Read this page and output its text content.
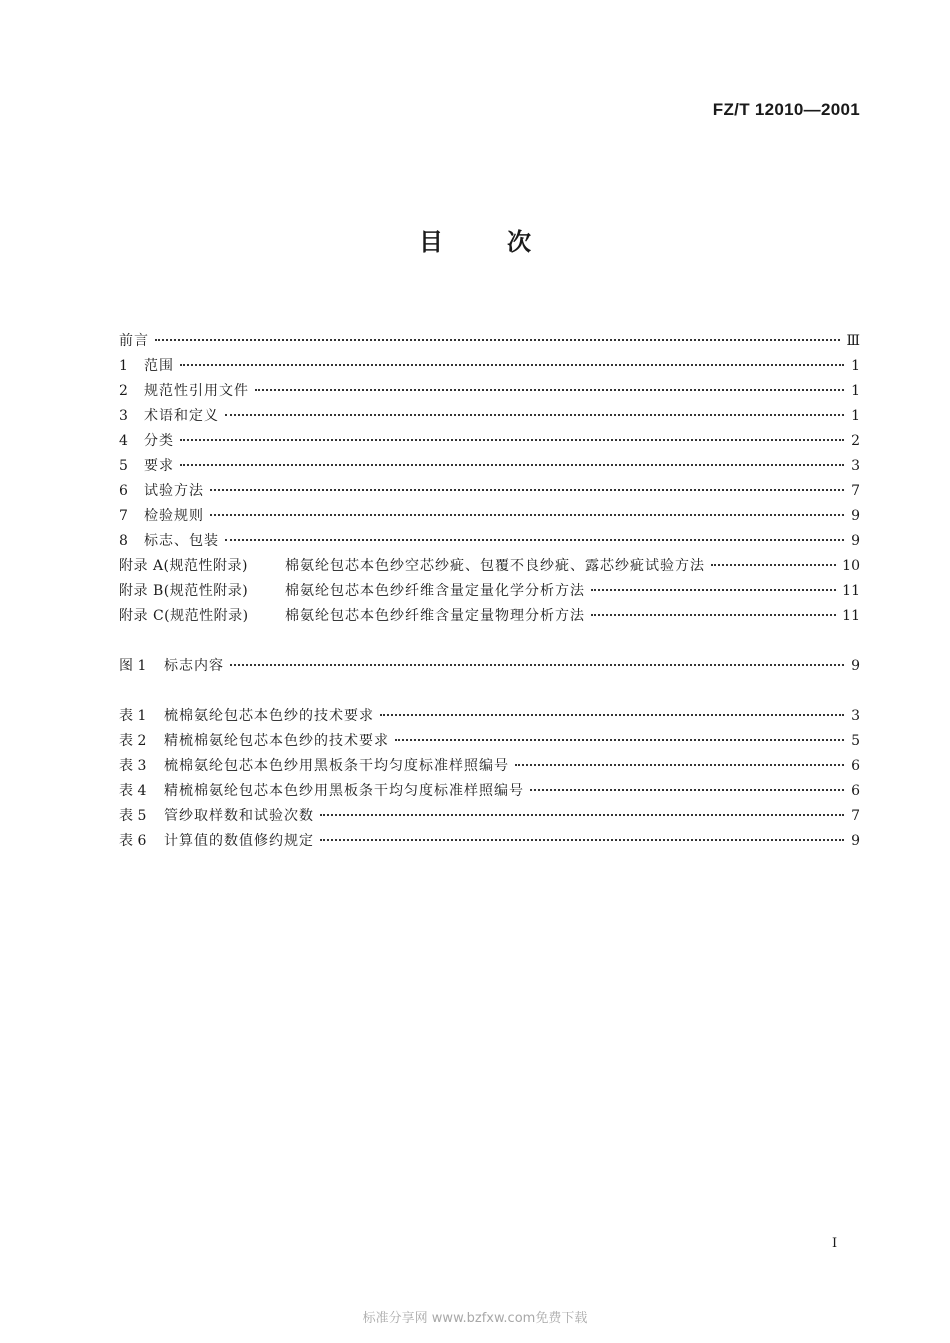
FZ/T 12010—2001
目次
前言	Ⅲ
1	范围	1
2	规范性引用文件	1
3	术语和定义	1
4	分类	2
5	要求	3
6	试验方法	7
7	检验规则	9
8	标志、包装	9
附录 A(规范性附录)	棉氨纶包芯本色纱空芯纱疵、包覆不良纱疵、露芯纱疵试验方法	10
附录 B(规范性附录)	棉氨纶包芯本色纱纤维含量定量化学分析方法	11
附录 C(规范性附录)	棉氨纶包芯本色纱纤维含量定量物理分析方法	11
图 1	标志内容	9
表 1	梳棉氨纶包芯本色纱的技术要求	3
表 2	精梳棉氨纶包芯本色纱的技术要求	5
表 3	梳棉氨纶包芯本色纱用黑板条干均匀度标准样照编号	6
表 4	精梳棉氨纶包芯本色纱用黑板条干均匀度标准样照编号	6
表 5	管纱取样数和试验次数	7
表 6	计算值的数值修约规定	9
I
标准分享网 www.bzfxw.com免费下载
